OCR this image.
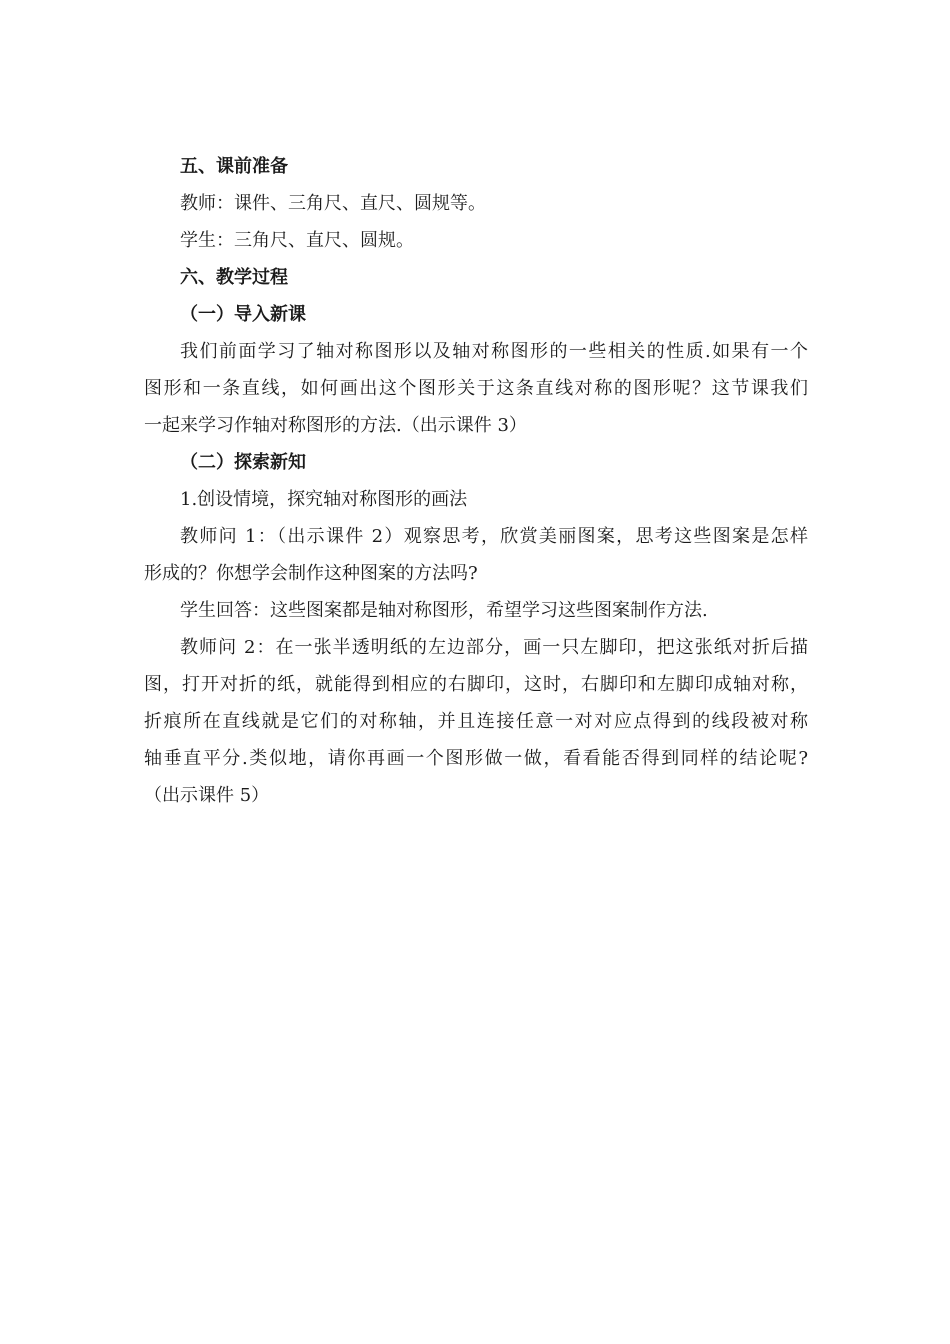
五、课前准备
教师：课件、三角尺、直尺、圆规等。
学生：三角尺、直尺、圆规。
六、教学过程
（一）导入新课
我们前面学习了轴对称图形以及轴对称图形的一些相关的性质.如果有一个
图形和一条直线，如何画出这个图形关于这条直线对称的图形呢？这节课我们
一起来学习作轴对称图形的方法.（出示课件 3）
（二）探索新知
1.创设情境，探究轴对称图形的画法
教师问 1：（出示课件 2）观察思考，欣赏美丽图案，思考这些图案是怎样
形成的？你想学会制作这种图案的方法吗?
学生回答：这些图案都是轴对称图形，希望学习这些图案制作方法.
教师问 2：在一张半透明纸的左边部分，画一只左脚印，把这张纸对折后描
图，打开对折的纸，就能得到相应的右脚印，这时，右脚印和左脚印成轴对称，
折痕所在直线就是它们的对称轴，并且连接任意一对对应点得到的线段被对称
轴垂直平分.类似地，请你再画一个图形做一做，看看能否得到同样的结论呢?
（出示课件 5）
